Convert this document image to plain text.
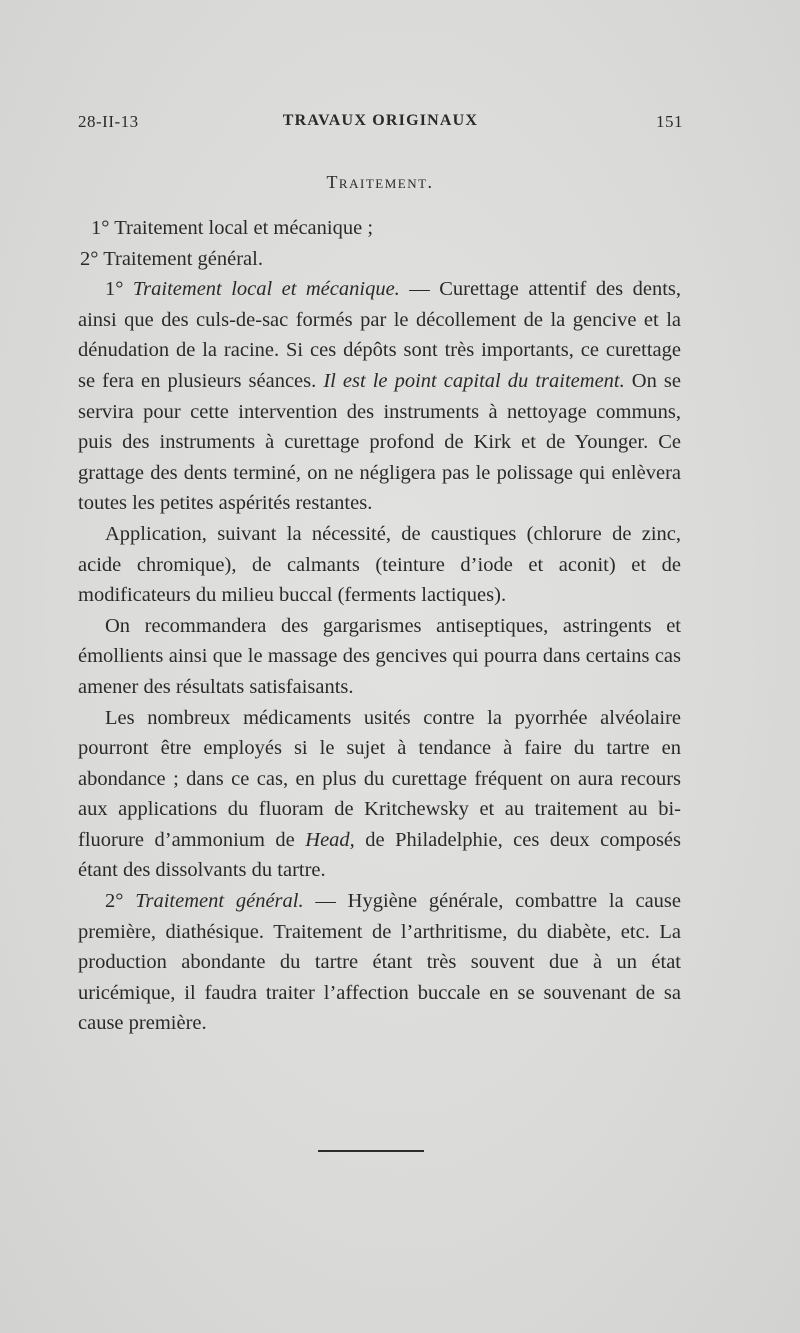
28-II-13	TRAVAUX ORIGINAUX	151
Traitement.

1° Traitement local et mécanique ;

2° Traitement général.

1° Traitement local et mécanique. — Curettage attentif des dents, ainsi que des culs-de-sac formés par le décollement de la gencive et la dénudation de la racine. Si ces dépôts sont très importants, ce curettage se fera en plusieurs séances. Il est le point capital du traitement. On se servira pour cette intervention des instruments à nettoyage communs, puis des instruments à curettage profond de Kirk et de Younger. Ce grattage des dents terminé, on ne négligera pas le polissage qui enlèvera toutes les petites aspérités restantes.

Application, suivant la nécessité, de caustiques (chlorure de zinc, acide chromique), de calmants (teinture d’iode et aconit) et de modificateurs du milieu buccal (ferments lactiques).

On recommandera des gargarismes antiseptiques, astringents et émollients ainsi que le massage des gencives qui pourra dans certains cas amener des résultats satisfaisants.

Les nombreux médicaments usités contre la pyorrhée alvéolaire pourront être employés si le sujet à tendance à faire du tartre en abondance ; dans ce cas, en plus du curettage fréquent on aura recours aux applications du fluoram de Kritchewsky et au traitement au bi-fluorure d’ammonium de Head, de Philadelphie, ces deux composés étant des dissolvants du tartre.

2° Traitement général. — Hygiène générale, combattre la cause première, diathésique. Traitement de l’arthritisme, du diabète, etc. La production abondante du tartre étant très souvent due à un état uricémique, il faudra traiter l’affection buccale en se souvenant de sa cause première.
